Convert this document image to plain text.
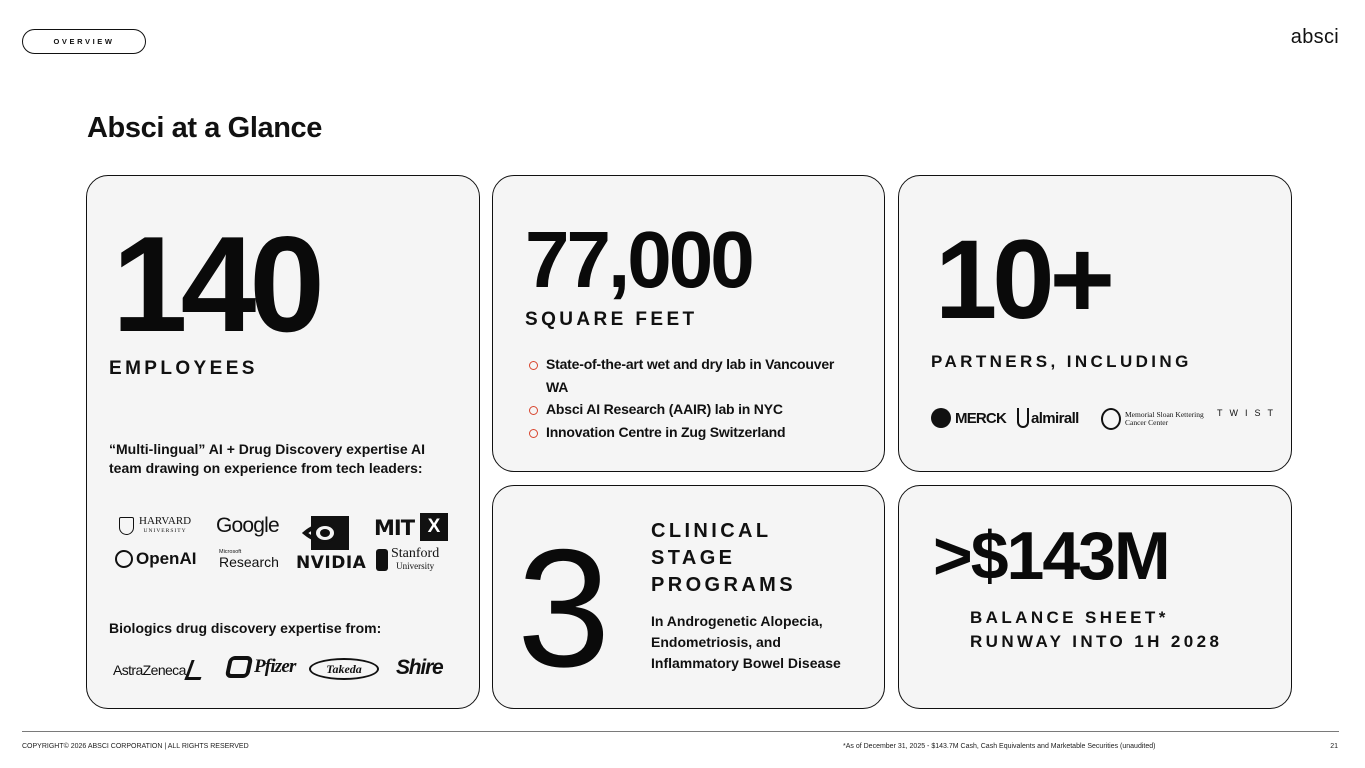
OVERVIEW	absci
Absci at a Glance
140
EMPLOYEES
“Multi-lingual” AI + Drug Discovery expertise AI team drawing on experience from tech leaders:
HARVARD
UNIVERSITY Google	MIT X
OpenAI	Microsoft
Research NVIDIA Stanford
University
Biologics drug discovery expertise from:
AstraZeneca	Pfizer	Takeda	Shire
77,000
SQUARE FEET
State-of-the-art wet and dry lab in Vancouver WA
Absci AI Research (AAIR) lab in NYC
Innovation Centre in Zug Switzerland
10+
PARTNERS, INCLUDING
MERCK almirall	Memorial Sloan Kettering
Cancer Center
TWIST
3 CLINICAL STAGE PROGRAMS
In Androgenetic Alopecia, Endometriosis, and Inflammatory Bowel Disease
>$143M
BALANCE SHEET*
RUNWAY INTO 1H 2028
COPYRIGHT© 2026 ABSCI CORPORATION | ALL RIGHTS RESERVED	*As of December 31, 2025 - $143.7M Cash, Cash Equivalents and Marketable Securities (unaudited)	21
